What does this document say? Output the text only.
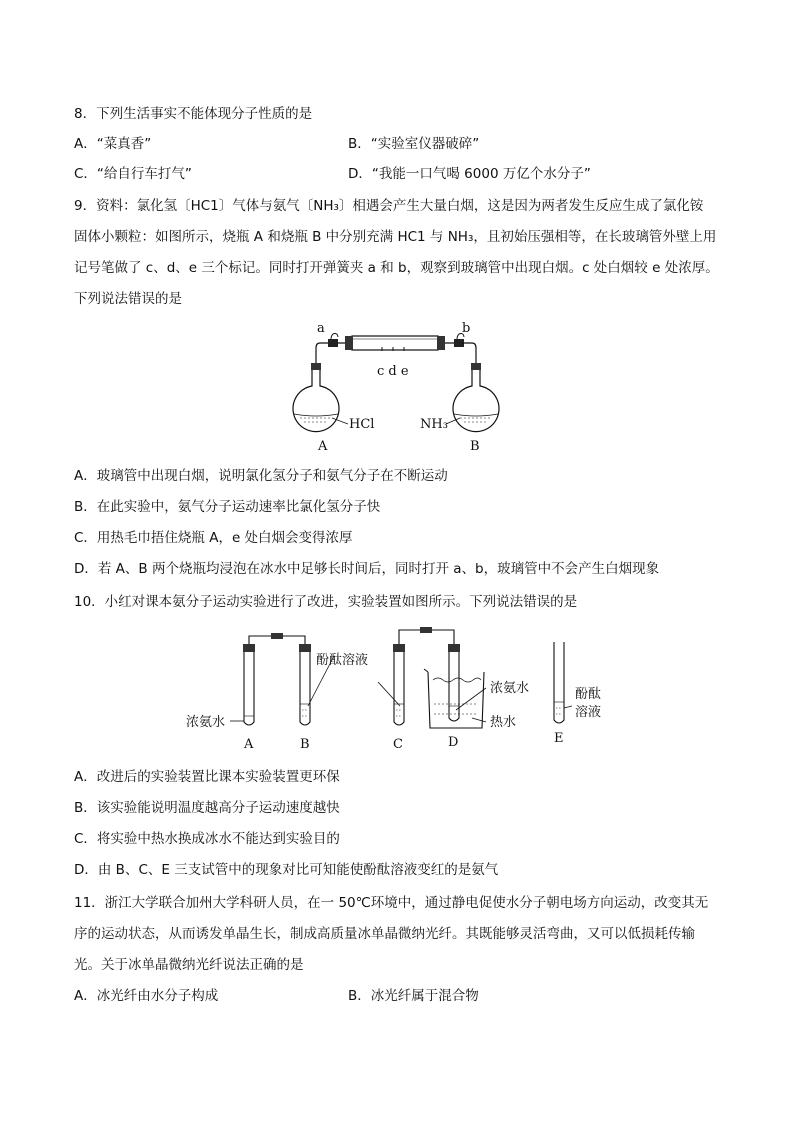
8．下列生活事实不能体现分子性质的是
A．“菜真香”	B．“实验室仪器破碎”
C．“给自行车打气”	D．“我能一口气喝 6000 万亿个水分子”
9．资料：氯化氢〔HC1〕气体与氨气〔NH₃〕相遇会产生大量白烟，这是因为两者发生反应生成了氯化铵
固体小颗粒：如图所示，烧瓶 A 和烧瓶 B 中分别充满 HC1 与 NH₃，且初始压强相等，在长玻璃管外壁上用
记号笔做了 c、d、e 三个标记。同时打开弹簧夹 a 和 b，观察到玻璃管中出现白烟。c 处白烟较 e 处浓厚。
下列说法错误的是
a	b
c d e
HCl	NH₃
A	B
A．玻璃管中出现白烟，说明氯化氢分子和氨气分子在不断运动
B．在此实验中，氨气分子运动速率比氯化氢分子快
C．用热毛巾捂住烧瓶 A，e 处白烟会变得浓厚
D．若 A、B 两个烧瓶均浸泡在冰水中足够长时间后，同时打开 a、b，玻璃管中不会产生白烟现象
10．小红对课本氨分子运动实验进行了改进，实验装置如图所示。下列说法错误的是
酚酞溶液
浓氨水
浓氨水
热水
酚酞
溶液
A	B	C	D	E
A．改进后的实验装置比课本实验装置更环保
B．该实验能说明温度越高分子运动速度越快
C．将实验中热水换成冰水不能达到实验目的
D．由 B、C、E 三支试管中的现象对比可知能使酚酞溶液变红的是氨气
11．浙江大学联合加州大学科研人员，在一 50℃环境中，通过静电促使水分子朝电场方向运动，改变其无
序的运动状态，从而诱发单晶生长，制成高质量冰单晶微纳光纤。其既能够灵活弯曲，又可以低损耗传输
光。关于冰单晶微纳光纤说法正确的是
A．冰光纤由水分子构成	B．冰光纤属于混合物
